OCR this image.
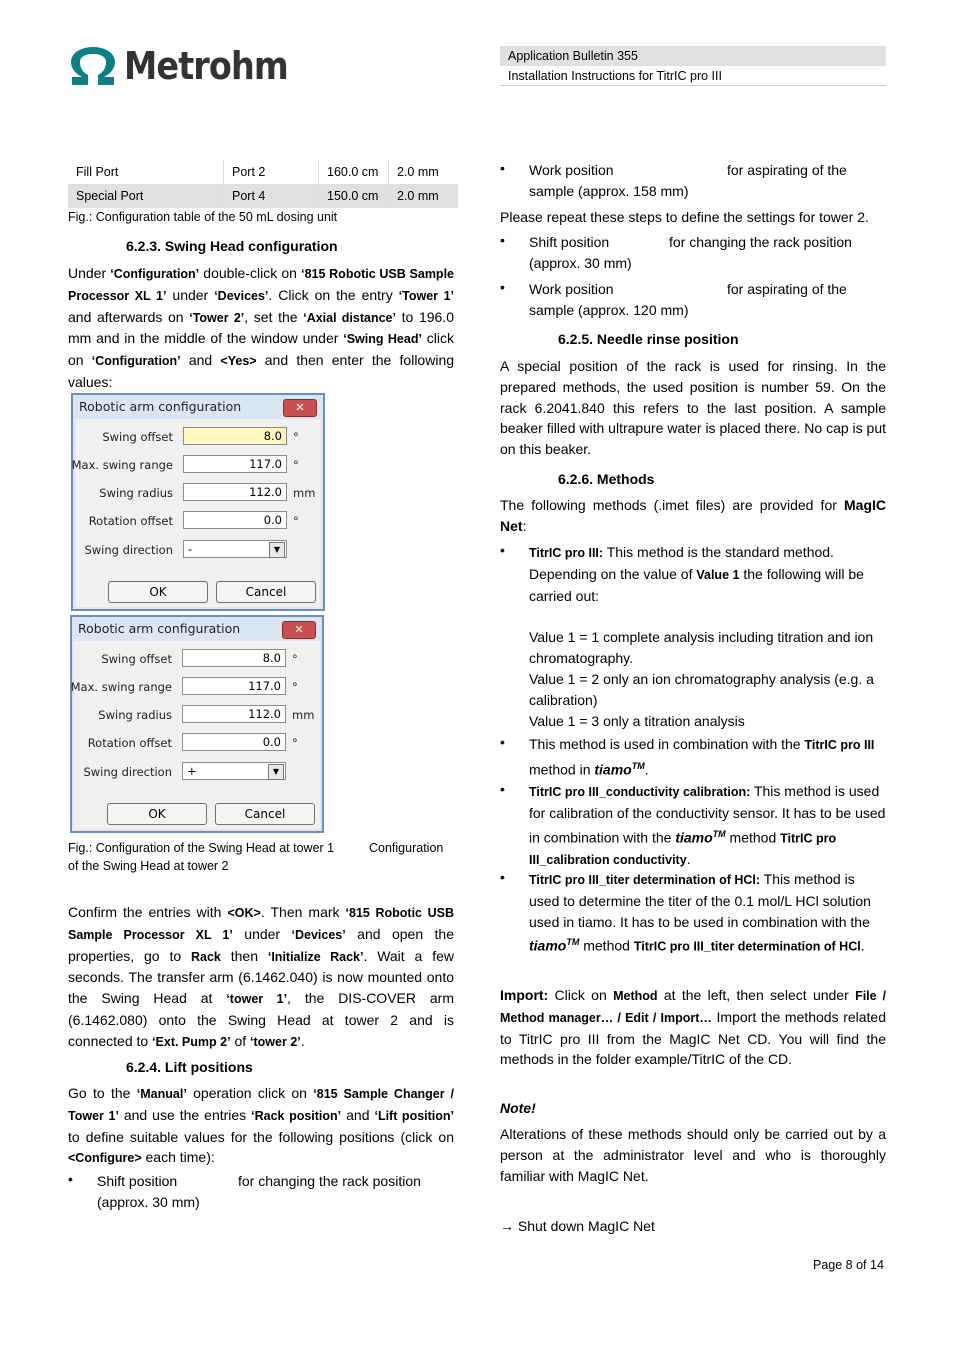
Metrohm	Application Bulletin 355
Installation Instructions for TitrIC pro III
Fill Port	Port 2	160.0 cm	2.0 mm
Special Port	Port 4	150.0 cm	2.0 mm

Fig.: Configuration table of the 50 mL dosing unit

6.2.3. Swing Head configuration

Under ‘Configuration’ double-click on ‘815 Robotic USB Sample Processor XL 1’ under ‘Devices’. Click on the entry ‘Tower 1’ and afterwards on ‘Tower 2’, set the ‘Axial distance’ to 196.0 mm and in the middle of the window under ‘Swing Head’ click on ‘Configuration’ and <Yes> and then enter the following values:

Robotic arm configuration	✕
Swing offset	8.0 °
Max. swing range	117.0 °
Swing radius	112.0 mm
Rotation offset	0.0 °
Swing direction	-	▼
OK	Cancel
Robotic arm configuration	✕
Swing offset	8.0 °
Max. swing range	117.0 °
Swing radius	112.0 mm
Rotation offset	0.0 °
Swing direction	+	▼
OK	Cancel

Fig.: Configuration of the Swing Head at tower 1	Configuration

of the Swing Head at tower 2

Confirm the entries with <OK>. Then mark ‘815 Robotic USB Sample Processor XL 1’ under ‘Devices’ and open the properties, go to Rack then ‘Initialize Rack’. Wait a few seconds. The transfer arm (6.1462.040) is now mounted onto the Swing Head at ‘tower 1’, the DIS-COVER arm (6.1462.080) onto the Swing Head at tower 2 and is connected to ‘Ext. Pump 2’ of ‘tower 2’.

6.2.4. Lift positions

Go to the ‘Manual’ operation click on ‘815 Sample Changer / Tower 1’ and use the entries ‘Rack position’ and ‘Lift position’ to define suitable values for the following positions (click on <Configure> each time):

• Shift position	for changing the rack position

(approx. 30 mm)
• Work position	for aspirating of the

sample (approx. 158 mm)

Please repeat these steps to define the settings for tower 2.

• Shift position	for changing the rack position

(approx. 30 mm)
• Work position	for aspirating of the

sample (approx. 120 mm)

6.2.5. Needle rinse position

A special position of the rack is used for rinsing. In the prepared methods, the used position is number 59. On the rack 6.2041.840 this refers to the last position. A sample beaker filled with ultrapure water is placed there. No cap is put on this beaker.

6.2.6. Methods

The following methods (.imet files) are provided for MagIC Net:

• TitrIC pro III: This method is the standard method. Depending on the value of Value 1 the following will be carried out:
Value 1 = 1 complete analysis including titration and ion chromatography.
Value 1 = 2 only an ion chromatography analysis (e.g. a calibration)
Value 1 = 3 only a titration analysis
• This method is used in combination with the TitrIC pro III method in tiamo™.
• TitrIC pro III_conductivity calibration: This method is used for calibration of the conductivity sensor. It has to be used in combination with the tiamo™ method TitrIC pro III_calibration conductivity.
• TitrIC pro III_titer determination of HCl: This method is used to determine the titer of the 0.1 mol/L HCl solution used in tiamo. It has to be used in combination with the tiamo™ method TitrIC pro III_titer determination of HCl.

Import: Click on Method at the left, then select under File / Method manager… / Edit / Import… Import the methods related to TitrIC pro III from the MagIC Net CD. You will find the methods in the folder example/TitrIC of the CD.

Note!

Alterations of these methods should only be carried out by a person at the administrator level and who is thoroughly familiar with MagIC Net.

→ Shut down MagIC Net

Page 8 of 14
